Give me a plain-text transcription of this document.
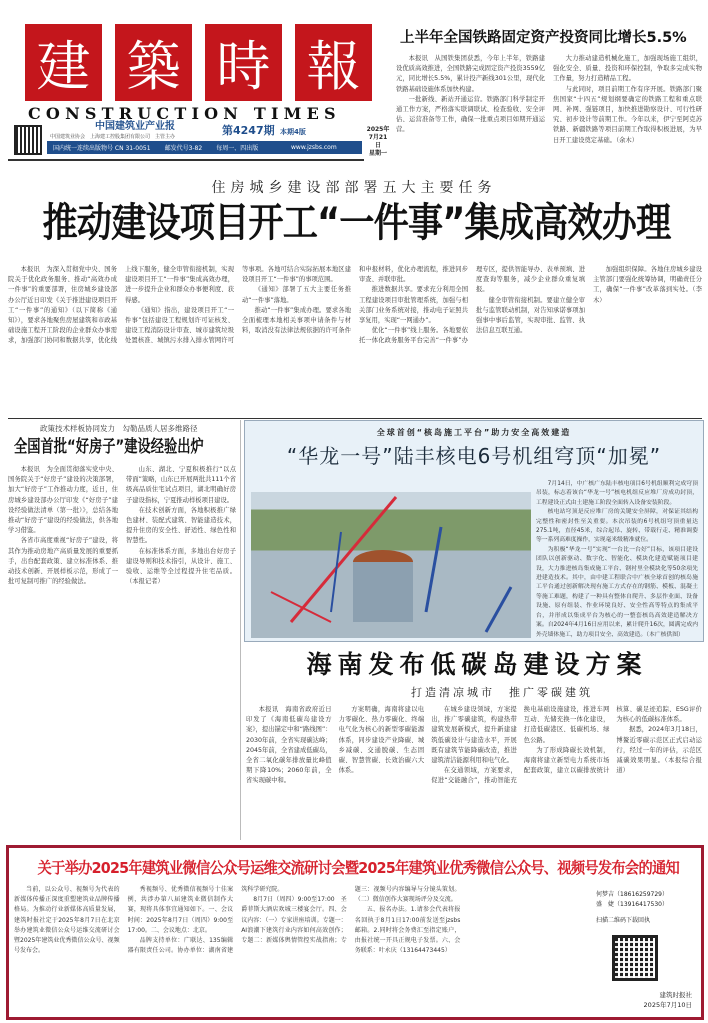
建 築 時 報
CONSTRUCTION TIMES
中国建筑业产业报
中国建筑业协会　上海建工控股集团有限公司　主管主办	第4247期 本期4版
国内统一连续出版物号 CN 31-0051 邮发代号3-82 每周一、四出版	www.jzsbs.com
2025年7月21日
星期一
上半年全国铁路固定资产投资同比增长5.5%

本报讯　从国铁集团获悉，今年上半年，铁路建设优质高效推进，全国铁路完成固定资产投资3559亿元，同比增长5.5%，累计投产新线301公里，现代化铁路基础设施体系加快构建。

一批新线、新站开通运营。铁路部门科学制定开通工作方案，严格落实联调联试、检查验收、安全评估、运营准备等工作，确保一批重点项目如期开通运营。

大力推动建造机械化施工，加强现场施工组织，强化安全、质量、投资和环保控制，争取多完成实物工作量，努力打造精品工程。

与此同时，项目前期工作有序开展。铁路部门聚焦国家“十四五”规划纲要确定的铁路工程和重点联网、补网、强链项目，加快推进勘察设计、可行性研究、初步设计等前期工作。今年以来，伊宁至阿克苏铁路、新疆铁路等项目前期工作取得积极进展，为早日开工建设奠定基础。（余木）

住房城乡建设部部署五大主要任务
推动建设项目开工“一件事”集成高效办理

本报讯　为深入贯彻党中央、国务院关于优化政务服务、推动“高效办成一件事”的重要部署，住房城乡建设部办公厅近日印发《关于推进建设项目开工“一件事”的通知》（以下简称《通知》），要求各地聚焦房屋建筑和市政基础设施工程开工阶段的企业群众办事需求，加强部门协同和数据共享，优化线上线下服务，健全审管衔接机制，实现建设项目开工“一件事”集成高效办理，进一步提升企业和群众办事便利度、获得感。

《通知》指出，建设项目开工“一件事”包括建设工程规划许可证核发、建设工程消防设计审查、城市建筑垃圾处置核准、城镇污水排入排水管网许可等事项。各地可结合实际拓展本地区建设项目开工“一件事”的事项范围。

《通知》部署了五大主要任务推动“一件事”落地。

推动“一件事”集成办理。要求各地全面梳理本地相关事项申请条件与材料，取消没有法律法规依据的许可条件和申报材料，优化办理流程，推进同步审查、并联审批。

推进数据共享。要求充分利用全国工程建设项目审批管理系统，加强与相关部门业务系统对接，推动电子证照共享复用，实现“一网通办”。

优化“一件事”线上服务。各地要依托一体化政务服务平台完善“一件事”办理专区，提供智能导办、表单预填、进度查询等服务，减少企业群众重复填报。

健全审管衔接机制。要建立健全审批与监管联动机制，对告知承诺事项加强事中事后监管，实现审批、监管、执法信息互联互通。

加强组织保障。各地住房城乡建设主管部门要强化统筹协调，明确责任分工，确保“一件事”改革落到实处。（李木）

政策技术样板协同发力　勾勒品质人居多维路径
全国首批“好房子”建设经验出炉

本报讯　为全面贯彻落实党中央、国务院关于“好房子”建设的决策部署，加大“好房子”工作推动力度，近日，住房城乡建设部办公厅印发《“好房子”建设经验做法清单（第一批）》，总结各地推动“好房子”建设的经验做法，供各地学习借鉴。

各省市高度重视“好房子”建设，将其作为推动房地产高质量发展的重要抓手，出台配套政策、建立标准体系、推动技术创新、开展样板示范，形成了一批可复制可推广的经验做法。

山东、湖北、宁夏积极推行“以点带面”策略，山东已开展两批共111个省级高品质住宅试点项目，湖北明确好房子建设指标，宁夏推动样板项目建设。

在技术创新方面，各地积极推广绿色建材、装配式建筑、智能建造技术，提升住房的安全性、舒适性、绿色性和智慧性。

在标准体系方面，多地出台好房子建设导则和技术指引，从设计、施工、验收、运维等全过程提升住宅品质。（本报记者）

全球首创“核岛施工平台”助力安全高效建造
“华龙一号”陆丰核电6号机组穹顶“加冕”

7月14日，中广核广东陆丰核电项目6号机组顺利完成穹顶吊装，标志着该台“华龙一号”核电机组反应堆厂房成功封顶，工程建设正式由土建施工阶段全面转入设备安装阶段。

核电站穹顶是反应堆厂房的关键安全屏障，对保证其结构完整性和密封性至关重要。本次吊装的6号机组穹顶重量达275.1吨，直径45米，综合起吊、旋转、带载行走、精准调姿等一系列高难度操作，实现毫米级精准就位。

为积极“华龙一号”实现“一台比一台好”目标，该项目建设团队以创新驱动、数字化、智能化、模块化建造赋能项目建设，大力推进核岛集成施工平台、钢衬里全模块化等50余项先进建造技术。其中，由中建工程联合中广核全球首创的核岛施工平台通过创新解决现有施工方式存在的钢筋、模板、混凝土等施工难题，构建了一种具有整体自爬升、多层作业面、设备设施、原有组装、作业环境良好、安全性高等特点的集成平台，并形成以集成平台为核心的一整套核岛高效建造解决方案。自2024年4月16日应用以来，累计爬升16次，圆满完成内外壳墙体施工，助力项目安全、高效建造。（本广核供图）

海南发布低碳岛建设方案
打造清凉城市　推广零碳建筑

本报讯　海南省政府近日印发了《海南低碳岛建设方案》，提出锚定中和“路线图”：2030年前，全省实现碳达峰；2045年前，全省建成低碳岛，全省二氧化碳年排放量比峰值期下降10%；2060年前，全省实现碳中和。

方案明确，海南将建以电力零碳化、热力零碳化、终端电气化为核心的新型零碳能源体系，同步建设产业降碳、城乡减碳、交通脱碳、生态固碳、智慧管碳、长效治碳六大体系。

在城乡建设领域，方案提出，推广零碳建筑，构建热带建筑发展新模式，提升新建建筑低碳设计与建造水平，开展既有建筑节能降碳改造，推进建筑清洁能源利用和电气化。

在交通领域，方案要求，促进“交能融合”，推动智能充换电基础设施建设，推进车网互动、光储充换一体化建设，打造低碳港区、低碳机场、绿色公路。

为了形成降碳长效机制，海南将建立新型电力系统市场配套政策，建立以碳排放统计核算、碳足迹追踪、ESG评价为核心的低碳标准体系。

据悉，2024年3月18日，博鳌近零碳示范区正式启动运行，经过一年的评估，示范区减碳效果明显。（本报综合报道）

关于举办2025年建筑业微信公众号运维交流研讨会暨2025年建筑业优秀微信公众号、视频号发布会的通知

当前，以公众号、视频号为代表的新媒体传播正深度重塑建筑业品牌传播格局。为推动行业新媒体高质量发展，建筑时报社定于2025年8月7日在北京举办建筑业微信公众号运维交流研讨会暨2025年建筑业优秀微信公众号、视频号发布会。

秀视频号、优秀微信视频号十佳案例，共涉办第八届建筑业微信制作大赛，现将具体事宜通知如下。一、会议时间：2025年8月7日（周四）9:00至17:00。二、会议地点：北京。

品牌支持单位：广联达、135编辑器有限责任公司。协办单位：湖南省建筑科学研究院。

8月7日（周四）9:00至17:00　圣爵菲斯大酒店欢城三楼宴会厅。四、会议内容：（一）专家讲座培训。专题一：AI浪潮下建筑行业内容如何高效创作；专题二：新媒体舆情管控实战指南；专题三：视频号内容编导与分镜头策划。（二）微信创作大赛现场评分及交流。

五、报名办法。1.请参会代表将报名回执于8月1日17:00前发送至jzsbs邮箱。2.同时将会务费汇至指定账户，由报社统一开具正规电子发票。六、会务联系：叶永庆（13164473445）

何梦吉（18616259729）
盛　婕（13916417530）
扫描二维码下载回执
建筑时报社
2025年7月10日
